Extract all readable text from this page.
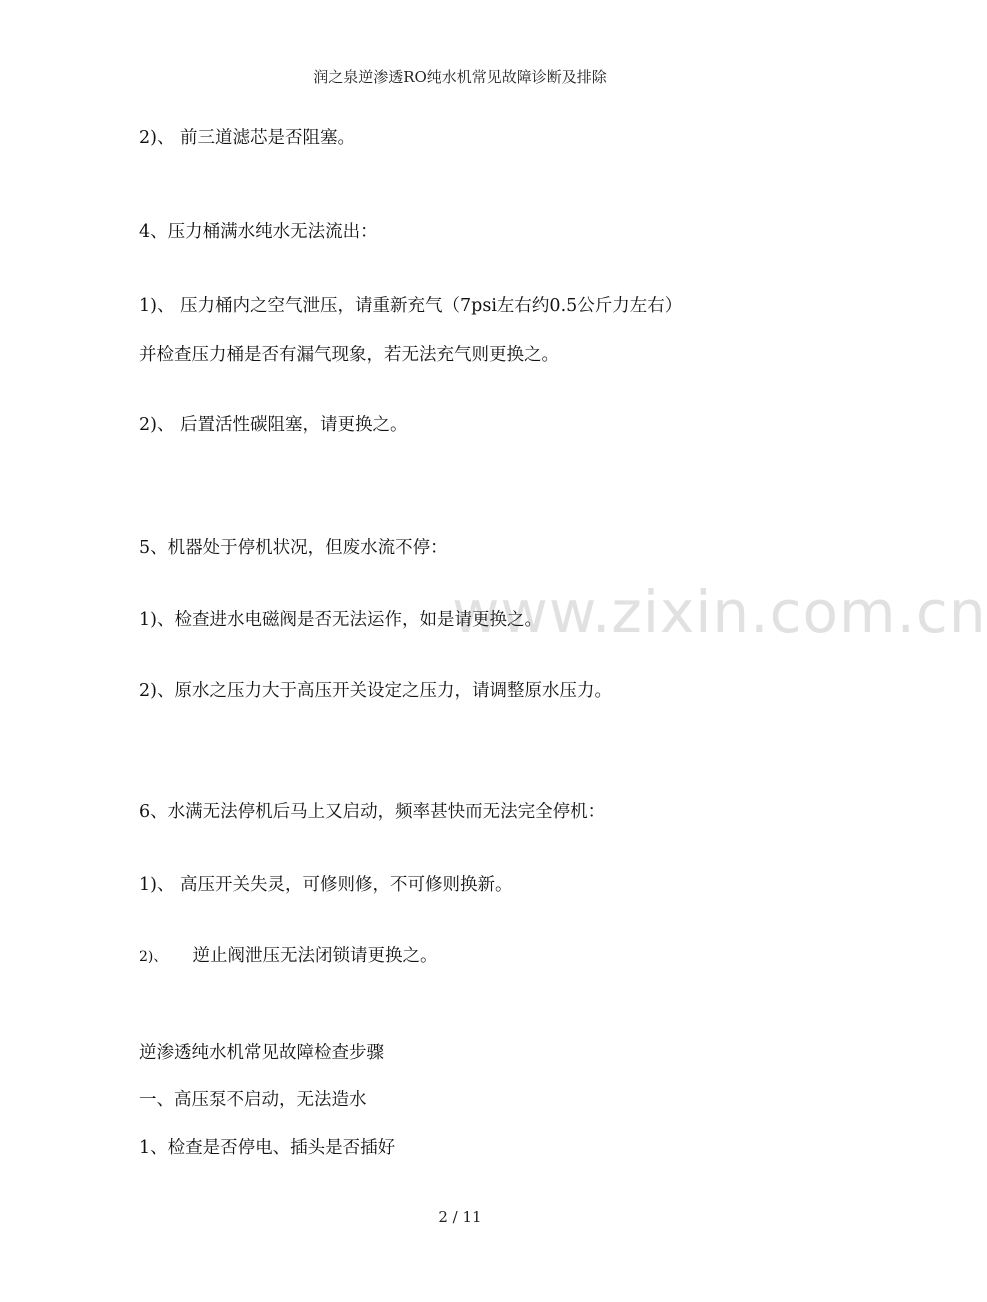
www.zixin.com.cn
润之泉逆渗透RO纯水机常见故障诊断及排除
2)、 前三道滤芯是否阻塞。
4、压力桶满水纯水无法流出：
1)、 压力桶内之空气泄压，请重新充气（7psi左右约0.5公斤力左右）
并检查压力桶是否有漏气现象，若无法充气则更换之。
2)、 后置活性碳阻塞，请更换之。
5、机器处于停机状况，但废水流不停：
1)、检查进水电磁阀是否无法运作，如是请更换之。
2)、原水之压力大于高压开关设定之压力，请调整原水压力。
6、水满无法停机后马上又启动，频率甚快而无法完全停机：
1)、 高压开关失灵，可修则修，不可修则换新。
2)、 逆止阀泄压无法闭锁请更换之。
逆渗透纯水机常见故障检查步骤
一、高压泵不启动，无法造水
1、检查是否停电、插头是否插好
2 / 11
